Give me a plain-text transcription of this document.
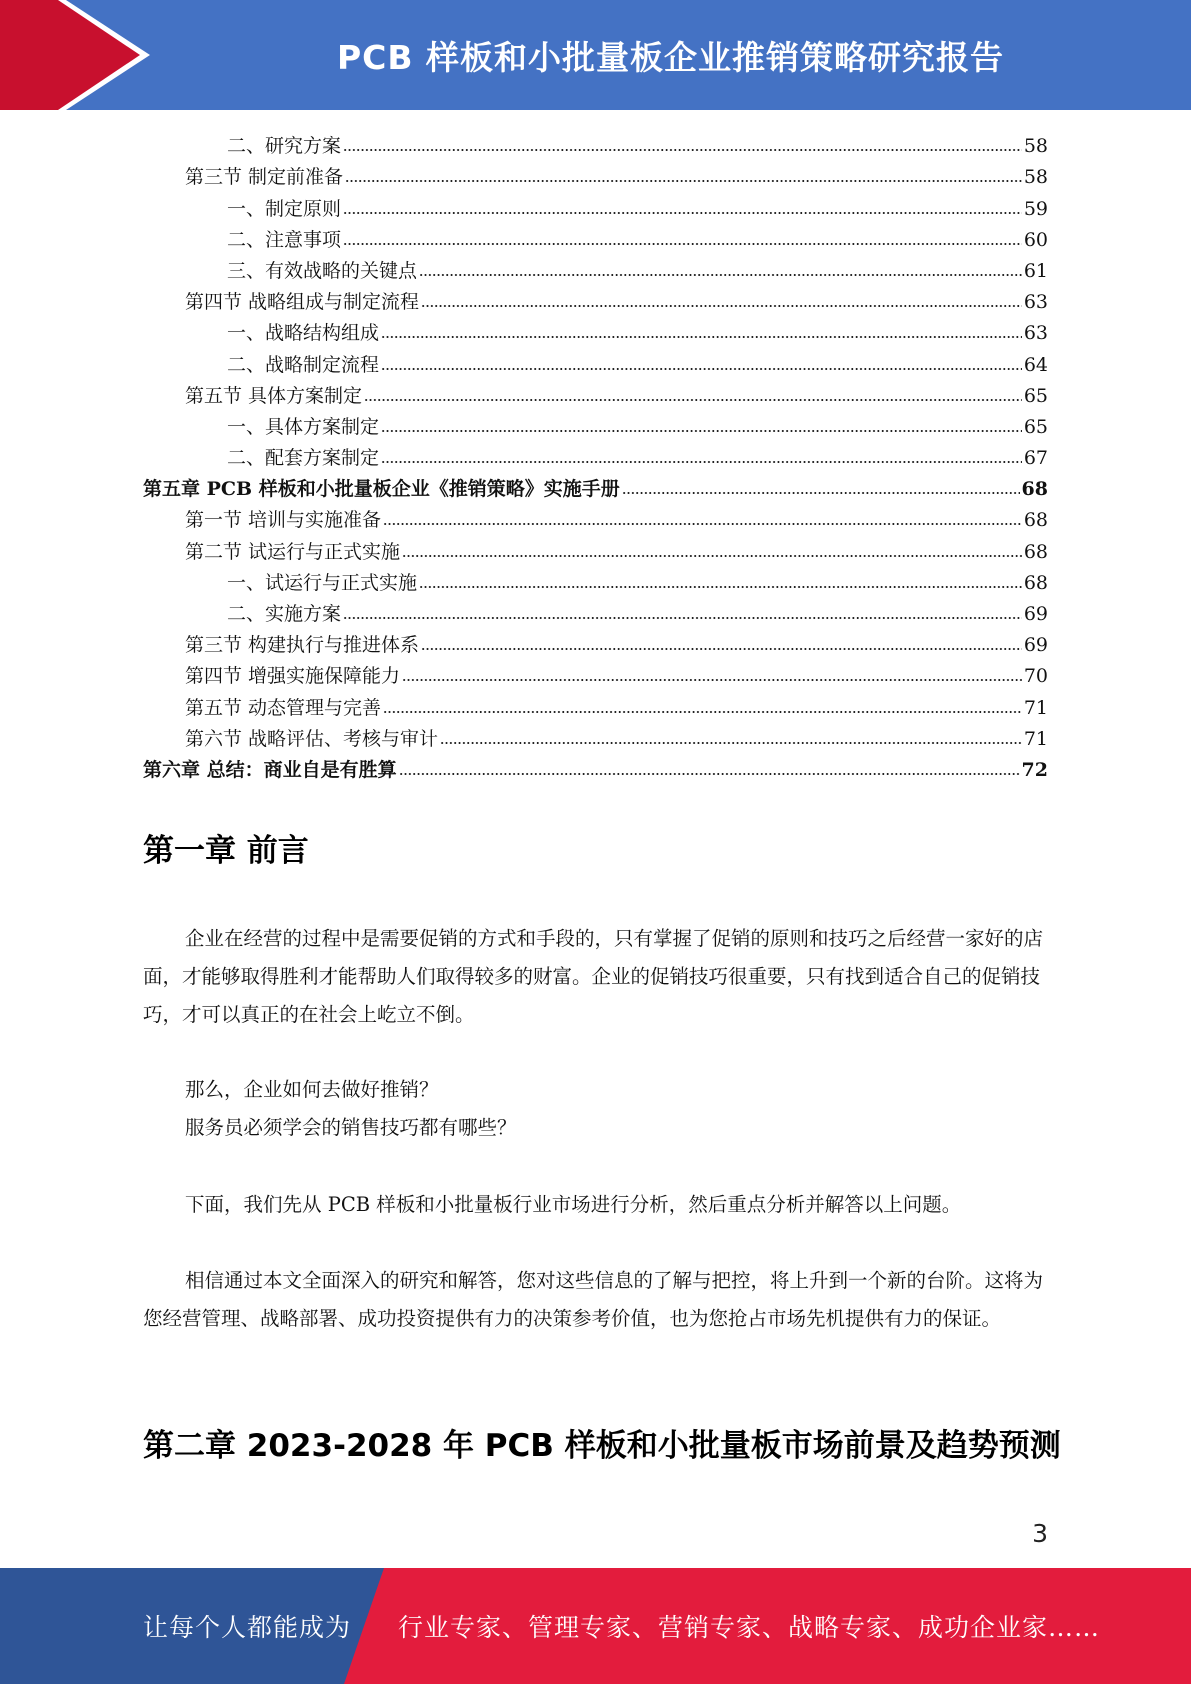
PCB 样板和小批量板企业推销策略研究报告
二、研究方案	58
第三节 制定前准备	58
一、制定原则	59
二、注意事项	60
三、有效战略的关键点	61
第四节 战略组成与制定流程	63
一、战略结构组成	63
二、战略制定流程	64
第五节 具体方案制定	65
一、具体方案制定	65
二、配套方案制定	67
第五章 PCB 样板和小批量板企业《推销策略》实施手册	68
第一节 培训与实施准备	68
第二节 试运行与正式实施	68
一、试运行与正式实施	68
二、实施方案	69
第三节 构建执行与推进体系	69
第四节 增强实施保障能力	70
第五节 动态管理与完善	71
第六节 战略评估、考核与审计	71
第六章 总结：商业自是有胜算	72
第一章 前言

企业在经营的过程中是需要促销的方式和手段的，只有掌握了促销的原则和技巧之后经营一家好的店面，才能够取得胜利才能帮助人们取得较多的财富。企业的促销技巧很重要，只有找到适合自己的促销技巧，才可以真正的在社会上屹立不倒。

那么，企业如何去做好推销？
服务员必须学会的销售技巧都有哪些？

下面，我们先从 PCB 样板和小批量板行业市场进行分析，然后重点分析并解答以上问题。

相信通过本文全面深入的研究和解答，您对这些信息的了解与把控，将上升到一个新的台阶。这将为您经营管理、战略部署、成功投资提供有力的决策参考价值，也为您抢占市场先机提供有力的保证。

第二章 2023-2028 年 PCB 样板和小批量板市场前景及趋势预测
3
让每个人都能成为 行业专家、管理专家、营销专家、战略专家、成功企业家……
